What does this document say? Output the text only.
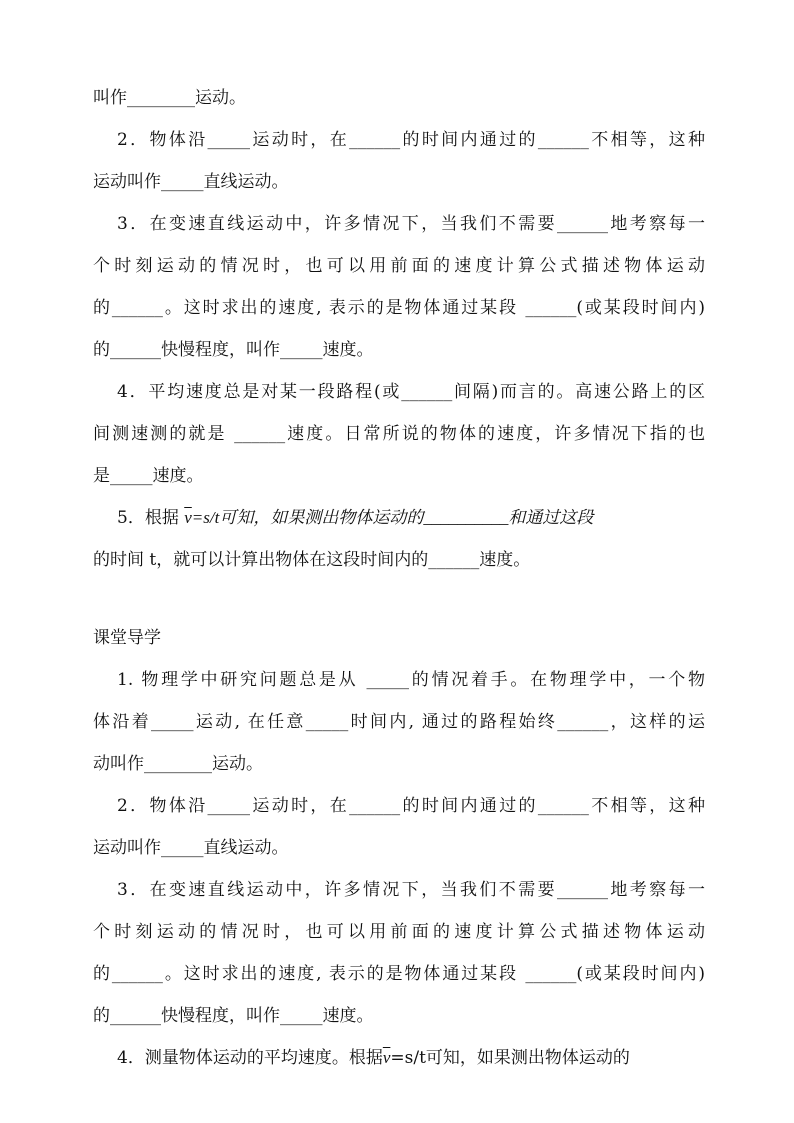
叫作________运动。
2．物体沿_____运动时，在______的时间内通过的______不相等，这种
运动叫作_____直线运动。
3．在变速直线运动中，许多情况下，当我们不需要______地考察每一
个时刻运动的情况时，也可以用前面的速度计算公式描述物体运动
的______。这时求出的速度, 表示的是物体通过某段 ______(或某段时间内)
的______快慢程度，叫作_____速度。
4．平均速度总是对某一段路程(或______间隔)而言的。高速公路上的区
间测速测的就是 ______速度。日常所说的物体的速度，许多情况下指的也
是_____速度。
5．根据 $\overline{v}=s/t$可知，如果测出物体运动的__________和通过这段
的时间 t，就可以计算出物体在这段时间内的______速度。
课堂导学
1. 物理学中研究问题总是从 _____的情况着手。在物理学中，一个物
体沿着_____运动, 在任意_____时间内, 通过的路程始终______，这样的运
动叫作________运动。
2．物体沿_____运动时，在______的时间内通过的______不相等，这种
运动叫作_____直线运动。
3．在变速直线运动中，许多情况下，当我们不需要______地考察每一
个时刻运动的情况时，也可以用前面的速度计算公式描述物体运动
的______。这时求出的速度, 表示的是物体通过某段 ______(或某段时间内)
的______快慢程度，叫作_____速度。
4．测量物体运动的平均速度。根据$\overline{v}=s/t$可知，如果测出物体运动的
